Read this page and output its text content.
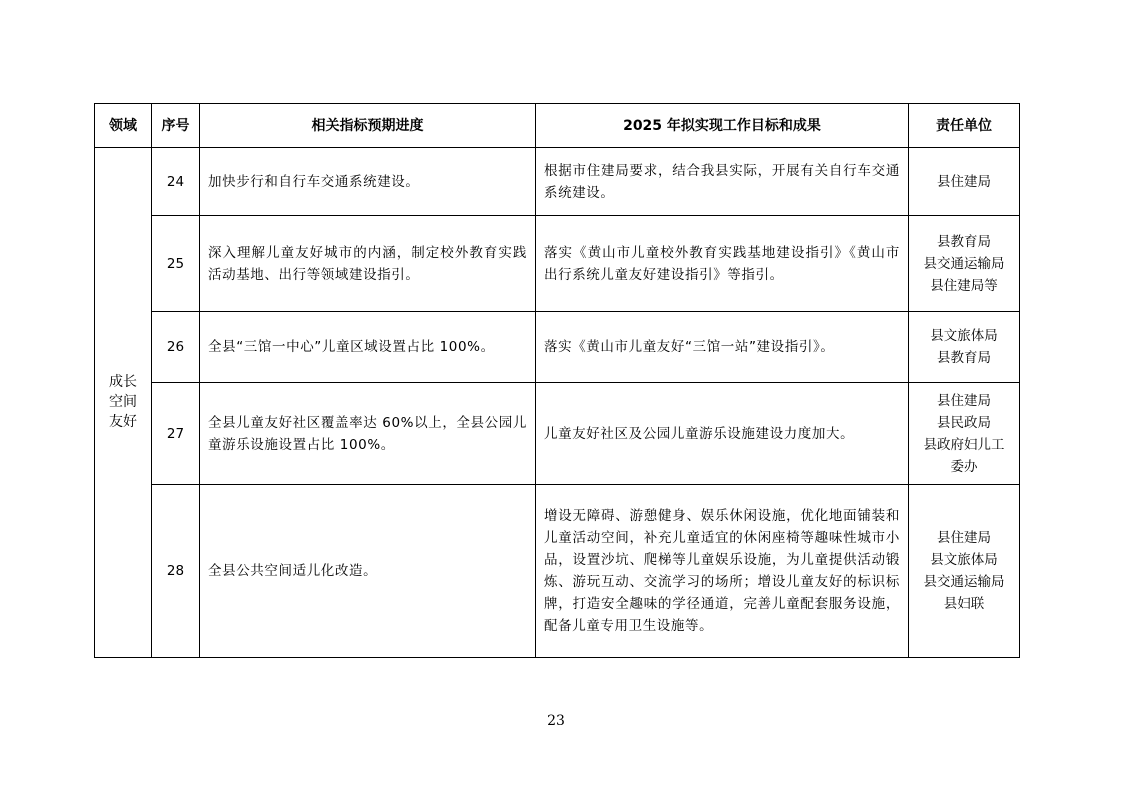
领域	序号	相关指标预期进度	2025 年拟实现工作目标和成果	责任单位
成长空间友好	24	加快步行和自行车交通系统建设。	根据市住建局要求，结合我县实际，开展有关自行车交通系统建设。	县住建局

	25	深入理解儿童友好城市的内涵，制定校外教育实践活动基地、出行等领域建设指引。	落实《黄山市儿童校外教育实践基地建设指引》《黄山市出行系统儿童友好建设指引》等指引。	县教育局
县交通运输局
县住建局等

	26	全县“三馆一中心”儿童区域设置占比 100%。	落实《黄山市儿童友好“三馆一站”建设指引》。	县文旅体局
县教育局

	27	全县儿童友好社区覆盖率达 60%以上，全县公园儿童游乐设施设置占比 100%。	儿童友好社区及公园儿童游乐设施建设力度加大。	县住建局
县民政局
县政府妇儿工
委办

	28	全县公共空间适儿化改造。	增设无障碍、游憩健身、娱乐休闲设施，优化地面铺装和儿童活动空间，补充儿童适宜的休闲座椅等趣味性城市小品，设置沙坑、爬梯等儿童娱乐设施，为儿童提供活动锻炼、游玩互动、交流学习的场所；增设儿童友好的标识标牌，打造安全趣味的学径通道，完善儿童配套服务设施，配备儿童专用卫生设施等。	县住建局
县文旅体局
县交通运输局
县妇联
23
